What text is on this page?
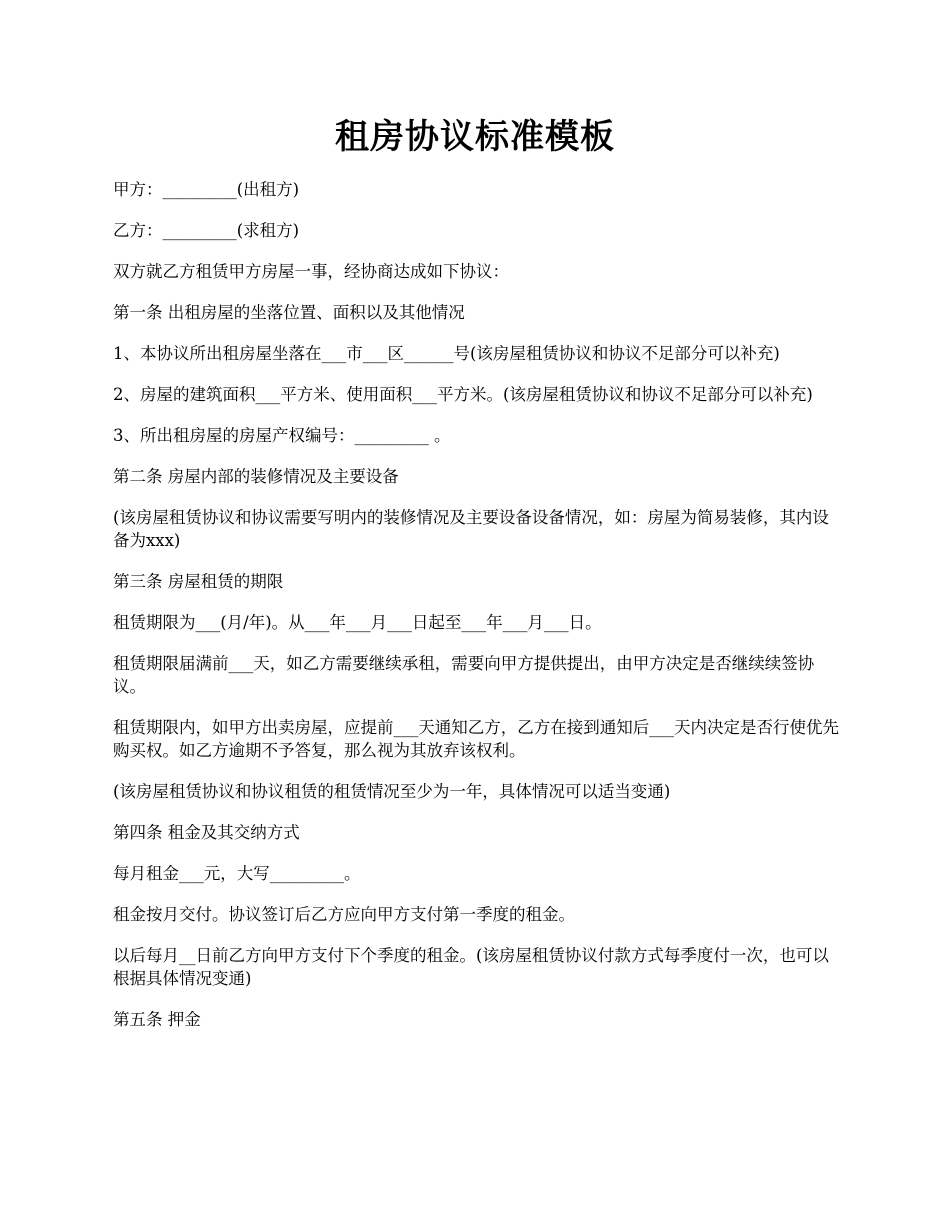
租房协议标准模板

甲方：_________(出租方)

乙方：_________(求租方)

双方就乙方租赁甲方房屋一事，经协商达成如下协议：

第一条 出租房屋的坐落位置、面积以及其他情况

1、本协议所出租房屋坐落在___市___区______号(该房屋租赁协议和协议不足部分可以补充)

2、房屋的建筑面积___平方米、使用面积___平方米。(该房屋租赁协议和协议不足部分可以补充)

3、所出租房屋的房屋产权编号：_________ 。

第二条 房屋内部的装修情况及主要设备

(该房屋租赁协议和协议需要写明内的装修情况及主要设备设备情况，如：房屋为简易装修，其内设备为xxx)

第三条 房屋租赁的期限

租赁期限为___(月/年)。从___年___月___日起至___年___月___日。

租赁期限届满前___天，如乙方需要继续承租，需要向甲方提供提出，由甲方决定是否继续续签协议。

租赁期限内，如甲方出卖房屋，应提前___天通知乙方，乙方在接到通知后___天内决定是否行使优先购买权。如乙方逾期不予答复，那么视为其放弃该权利。

(该房屋租赁协议和协议租赁的租赁情况至少为一年，具体情况可以适当变通)

第四条 租金及其交纳方式

每月租金___元，大写_________。

租金按月交付。协议签订后乙方应向甲方支付第一季度的租金。

以后每月__日前乙方向甲方支付下个季度的租金。(该房屋租赁协议付款方式每季度付一次，也可以根据具体情况变通)

第五条 押金
